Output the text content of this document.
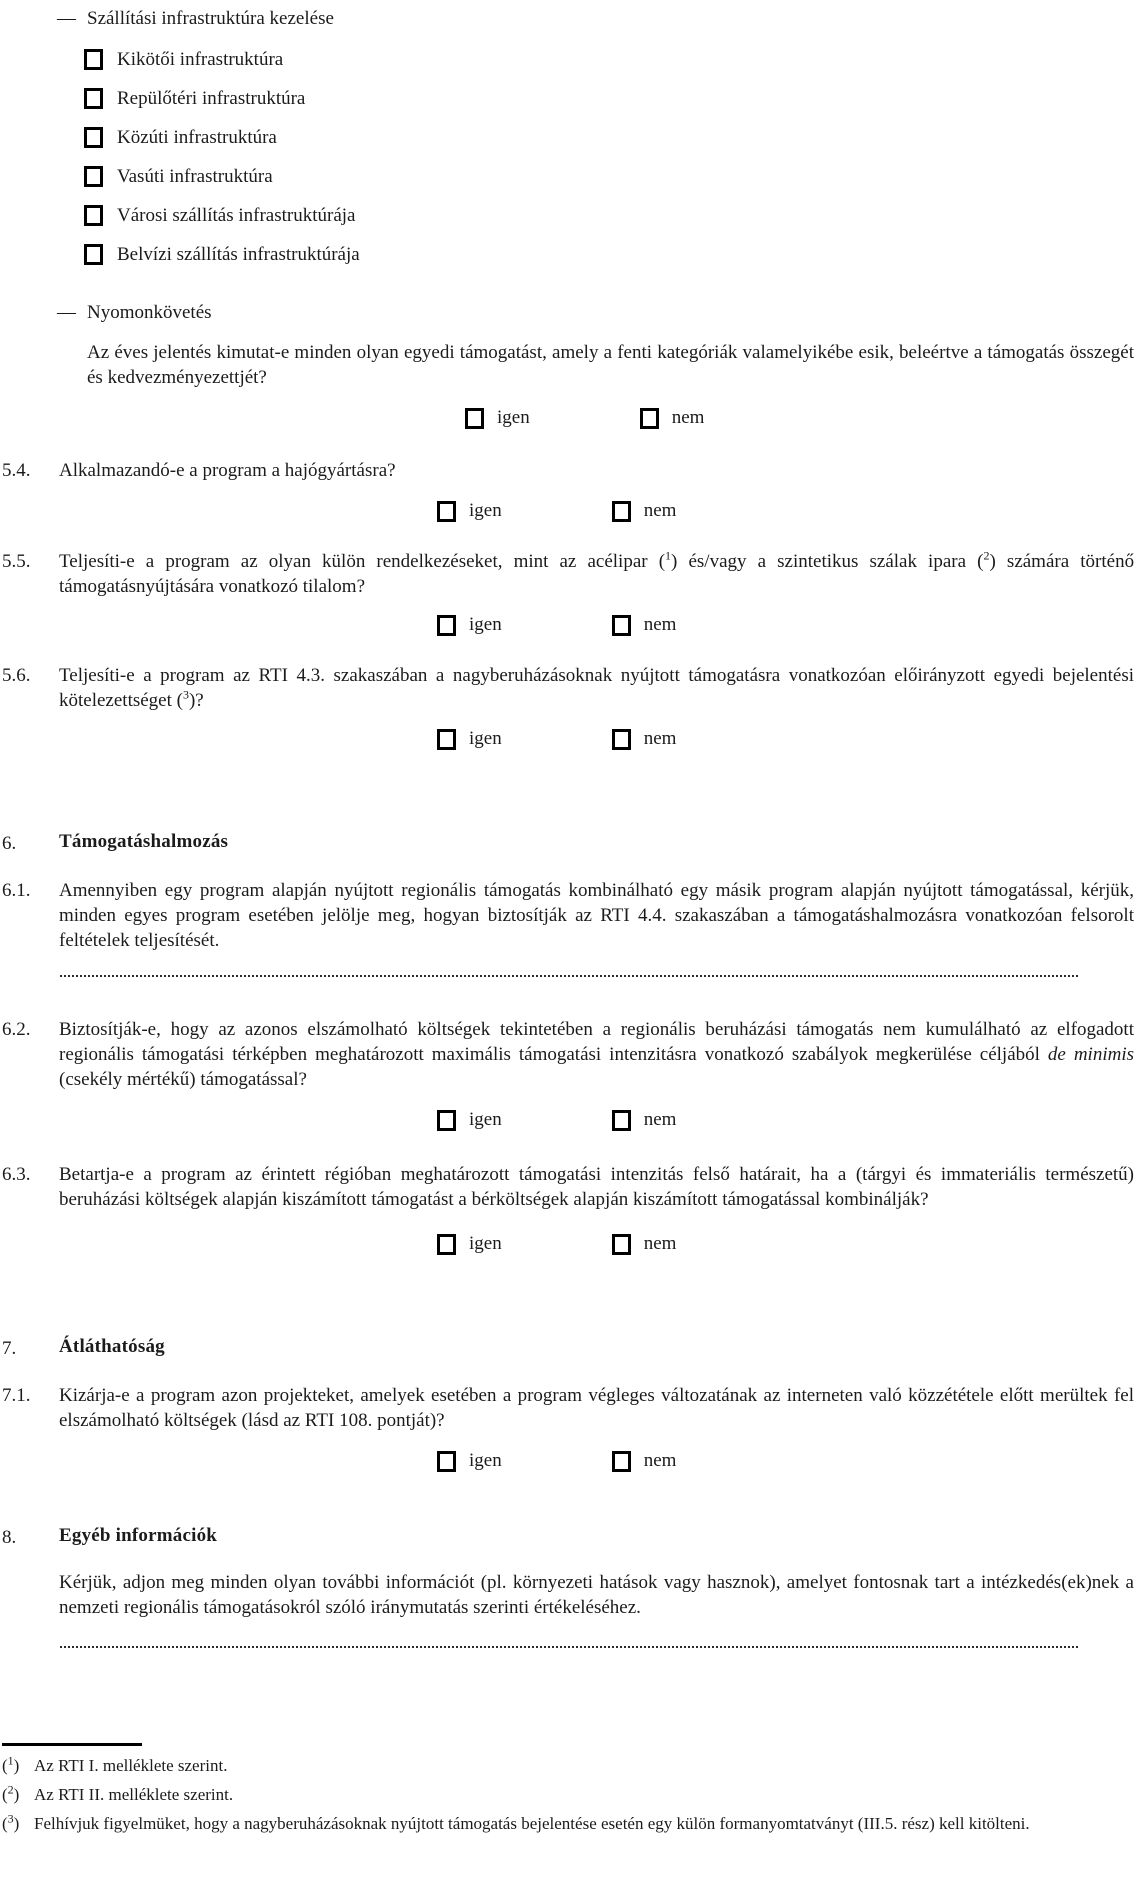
— Szállítási infrastruktúra kezelése
Kikötői infrastruktúra
Repülőtéri infrastruktúra
Közúti infrastruktúra
Vasúti infrastruktúra
Városi szállítás infrastruktúrája
Belvízi szállítás infrastruktúrája
— Nyomonkövetés

Az éves jelentés kimutat-e minden olyan egyedi támogatást, amely a fenti kategóriák valamelyikébe esik, beleértve a támogatás összegét és kedvezményezettjét?

igen	nem
5.4.	Alkalmazandó-e a program a hajógyártásra?

igen	nem
5.5.	Teljesíti-e a program az olyan külön rendelkezéseket, mint az acélipar ($^1$) és/vagy a szintetikus szálak ipara ($^2$) számára történő támogatásnyújtására vonatkozó tilalom?

igen	nem
5.6.	Teljesíti-e a program az RTI 4.3. szakaszában a nagyberuházásoknak nyújtott támogatásra vonatkozóan előirányzott egyedi bejelentési kötelezettséget ($^3$)?

igen	nem
6.	Támogatáshalmozás

6.1.	Amennyiben egy program alapján nyújtott regionális támogatás kombinálható egy másik program alapján nyújtott támogatással, kérjük, minden egyes program esetében jelölje meg, hogyan biztosítják az RTI 4.4. szakaszában a támogatáshalmozásra vonatkozóan felsorolt feltételek teljesítését.

6.2.	Biztosítják-e, hogy az azonos elszámolható költségek tekintetében a regionális beruházási támogatás nem kumulálható az elfogadott regionális támogatási térképben meghatározott maximális támogatási intenzitásra vonatkozó szabályok megkerülése céljából de minimis (csekély mértékű) támogatással?

igen	nem
6.3.	Betartja-e a program az érintett régióban meghatározott támogatási intenzitás felső határait, ha a (tárgyi és immateriális természetű) beruházási költségek alapján kiszámított támogatást a bérköltségek alapján kiszámított támogatással kombinálják?

igen	nem
7.	Átláthatóság

7.1.	Kizárja-e a program azon projekteket, amelyek esetében a program végleges változatának az interneten való közzététele előtt merültek fel elszámolható költségek (lásd az RTI 108. pontját)?

igen	nem
8.	Egyéb információk

Kérjük, adjon meg minden olyan további információt (pl. környezeti hatások vagy hasznok), amelyet fontosnak tart a intézkedés(ek)nek a nemzeti regionális támogatásokról szóló iránymutatás szerinti értékeléséhez.

($^1$) Az RTI I. melléklete szerint.
($^2$) Az RTI II. melléklete szerint.
($^3$) Felhívjuk figyelmüket, hogy a nagyberuházásoknak nyújtott támogatás bejelentése esetén egy külön formanyomtatványt (III.5. rész) kell kitölteni.
